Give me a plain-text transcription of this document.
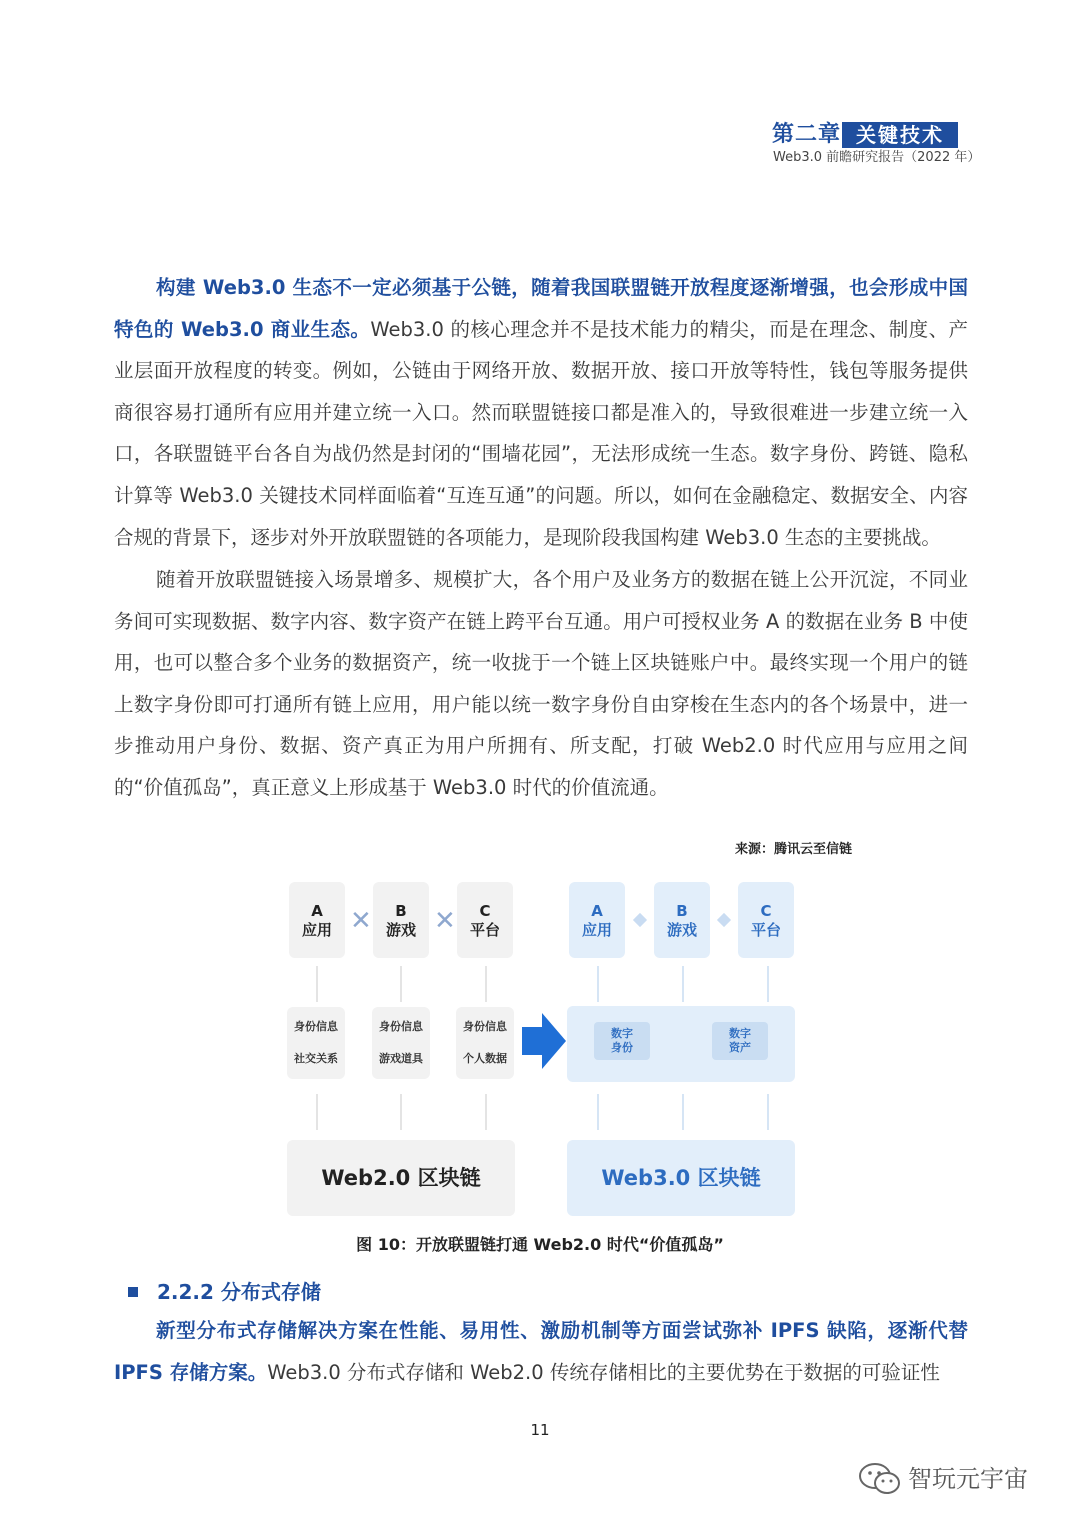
第二章 关键技术
Web3.0 前瞻研究报告（2022 年）

构建 Web3.0 生态不一定必须基于公链，随着我国联盟链开放程度逐渐增强，也会形成中国特色的 Web3.0 商业生态。Web3.0 的核心理念并不是技术能力的精尖，而是在理念、制度、产业层面开放程度的转变。例如，公链由于网络开放、数据开放、接口开放等特性，钱包等服务提供商很容易打通所有应用并建立统一入口。然而联盟链接口都是准入的，导致很难进一步建立统一入口，各联盟链平台各自为战仍然是封闭的“围墙花园”，无法形成统一生态。数字身份、跨链、隐私计算等 Web3.0 关键技术同样面临着“互连互通”的问题。所以，如何在金融稳定、数据安全、内容合规的背景下，逐步对外开放联盟链的各项能力，是现阶段我国构建 Web3.0 生态的主要挑战。

随着开放联盟链接入场景增多、规模扩大，各个用户及业务方的数据在链上公开沉淀，不同业务间可实现数据、数字内容、数字资产在链上跨平台互通。用户可授权业务 A 的数据在业务 B 中使用，也可以整合多个业务的数据资产，统一收拢于一个链上区块链账户中。最终实现一个用户的链上数字身份即可打通所有链上应用，用户能以统一数字身份自由穿梭在生态内的各个场景中，进一步推动用户身份、数据、资产真正为用户所拥有、所支配，打破 Web2.0 时代应用与应用之间的“价值孤岛”，真正意义上形成基于 Web3.0 时代的价值流通。

来源：腾讯云至信链
A
应用
B
游戏
C
平台
✕ ✕
身份信息
社交关系
身份信息
游戏道具
身份信息
个人数据
Web2.0 区块链
A
应用
B
游戏
C
平台
数字
身份
数字
资产
Web3.0 区块链
图 10：开放联盟链打通 Web2.0 时代“价值孤岛”
2.2.2 分布式存储

新型分布式存储解决方案在性能、易用性、激励机制等方面尝试弥补 IPFS 缺陷，逐渐代替 IPFS 存储方案。Web3.0 分布式存储和 Web2.0 传统存储相比的主要优势在于数据的可验证性

11
智玩元宇宙
